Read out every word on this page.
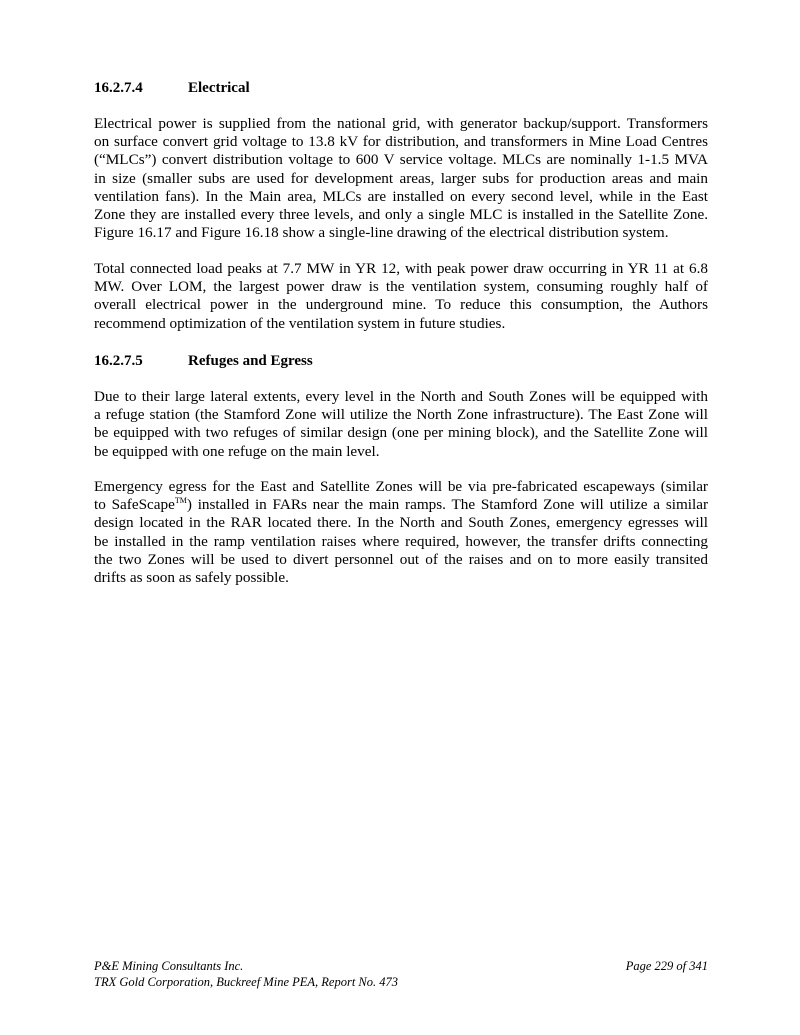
16.2.7.4	Electrical
Electrical power is supplied from the national grid, with generator backup/support. Transformers
on surface convert grid voltage to 13.8 kV for distribution, and transformers in Mine Load Centres
(“MLCs”) convert distribution voltage to 600 V service voltage. MLCs are nominally 1-1.5 MVA
in size (smaller subs are used for development areas, larger subs for production areas and main
ventilation fans). In the Main area, MLCs are installed on every second level, while in the East
Zone they are installed every three levels, and only a single MLC is installed in the Satellite Zone.
Figure 16.17 and Figure 16.18 show a single-line drawing of the electrical distribution system.
Total connected load peaks at 7.7 MW in YR 12, with peak power draw occurring in YR 11 at 6.8
MW. Over LOM, the largest power draw is the ventilation system, consuming roughly half of
overall electrical power in the underground mine. To reduce this consumption, the Authors
recommend optimization of the ventilation system in future studies.
16.2.7.5	Refuges and Egress
Due to their large lateral extents, every level in the North and South Zones will be equipped with
a refuge station (the Stamford Zone will utilize the North Zone infrastructure). The East Zone will
be equipped with two refuges of similar design (one per mining block), and the Satellite Zone will
be equipped with one refuge on the main level.
Emergency egress for the East and Satellite Zones will be via pre-fabricated escapeways (similar
to SafeScape™) installed in FARs near the main ramps. The Stamford Zone will utilize a similar
design located in the RAR located there. In the North and South Zones, emergency egresses will
be installed in the ramp ventilation raises where required, however, the transfer drifts connecting
the two Zones will be used to divert personnel out of the raises and on to more easily transited
drifts as soon as safely possible.
P&E Mining Consultants Inc.
TRX Gold Corporation, Buckreef Mine PEA, Report No. 473
Page 229 of 341
